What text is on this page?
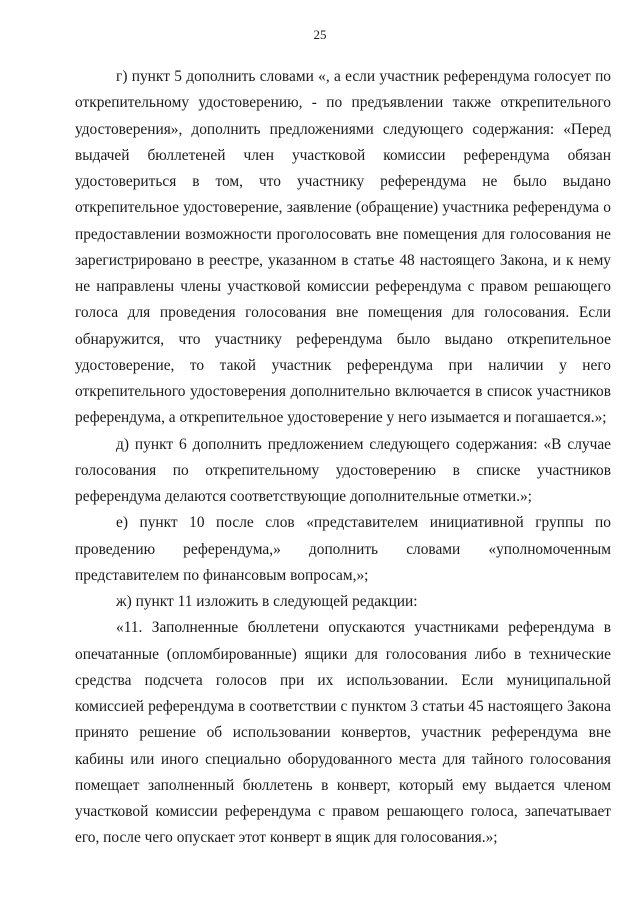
25

г) пункт 5 дополнить словами «, а если участник референдума голосует по открепительному удостоверению, - по предъявлении также открепительного удостоверения», дополнить предложениями следующего содержания: «Перед выдачей бюллетеней член участковой комиссии референдума обязан удостовериться в том, что участнику референдума не было выдано открепительное удостоверение, заявление (обращение) участника референдума о предоставлении возможности проголосовать вне помещения для голосования не зарегистрировано в реестре, указанном в статье 48 настоящего Закона, и к нему не направлены члены участковой комиссии референдума с правом решающего голоса для проведения голосования вне помещения для голосования. Если обнаружится, что участнику референдума было выдано открепительное удостоверение, то такой участник референдума при наличии у него открепительного удостоверения дополнительно включается в список участников референдума, а открепительное удостоверение у него изымается и погашается.»;

д) пункт 6 дополнить предложением следующего содержания: «В случае голосования по открепительному удостоверению в списке участников референдума делаются соответствующие дополнительные отметки.»;

е) пункт 10 после слов «представителем инициативной группы по проведению референдума,» дополнить словами «уполномоченным представителем по финансовым вопросам,»;

ж) пункт 11 изложить в следующей редакции:

«11. Заполненные бюллетени опускаются участниками референдума в опечатанные (опломбированные) ящики для голосования либо в технические средства подсчета голосов при их использовании. Если муниципальной комиссией референдума в соответствии с пунктом 3 статьи 45 настоящего Закона принято решение об использовании конвертов, участник референдума вне кабины или иного специально оборудованного места для тайного голосования помещает заполненный бюллетень в конверт, который ему выдается членом участковой комиссии референдума с правом решающего голоса, запечатывает его, после чего опускает этот конверт в ящик для голосования.»;
